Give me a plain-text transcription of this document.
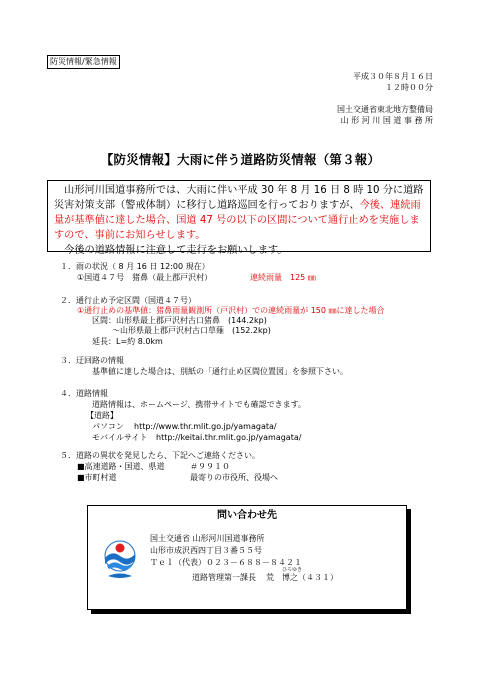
防災情報/緊急情報
平成３０年８月１６日
１２時００分
国土交通省東北地方整備局
山 形 河 川 国 道 事 務 所
【防災情報】大雨に伴う道路防災情報（第３報）
　山形河川国道事務所では、大雨に伴い平成 30 年 8 月 16 日 8 時 10 分に道路災害対策支部（警戒体制）に移行し道路巡回を行っておりますが、今後、連続雨量が基準値に達した場合、国道 47 号の以下の区間について通行止めを実施しますので、事前にお知らせします。
　今後の道路情報に注意して走行をお願いします。
１．雨の状況（ 8 月 16 日 12:00 現在）
①国道４７号　猪鼻（最上郡戸沢村）	連続雨量　125 ㎜
２．通行止め予定区間（国道４７号）
①通行止めの基準値：猪鼻雨量観測所（戸沢村）での連続雨量が 150 ㎜に達した場合
区間：山形県最上郡戸沢村古口猪鼻　(144.2kp)
～山形県最上郡戸沢村古口草薙　(152.2kp)
延長：L=約 8.0km
３．迂回路の情報
基準値に達した場合は、別紙の「通行止め区間位置図」を参照下さい。
４．道路情報
道路情報は、ホームページ、携帯サイトでも確認できます。
【道路】
パソコン http://www.thr.mlit.go.jp/yamagata/
モバイルサイト http://keitai.thr.mlit.go.jp/yamagata/
５．道路の異状を発見したら、下記へご連絡ください。
■高速道路・国道、県道	＃９９１０
■市町村道	最寄りの市役所、役場へ
問い合わせ先
国土交通省 山形河川国道事務所
山形市成沢西四丁目３番５５号
Ｔｅｌ（代表）０２３－６８８－８４２１
ひろゆき
道路管理第一課長 荒　博之（４３１）
